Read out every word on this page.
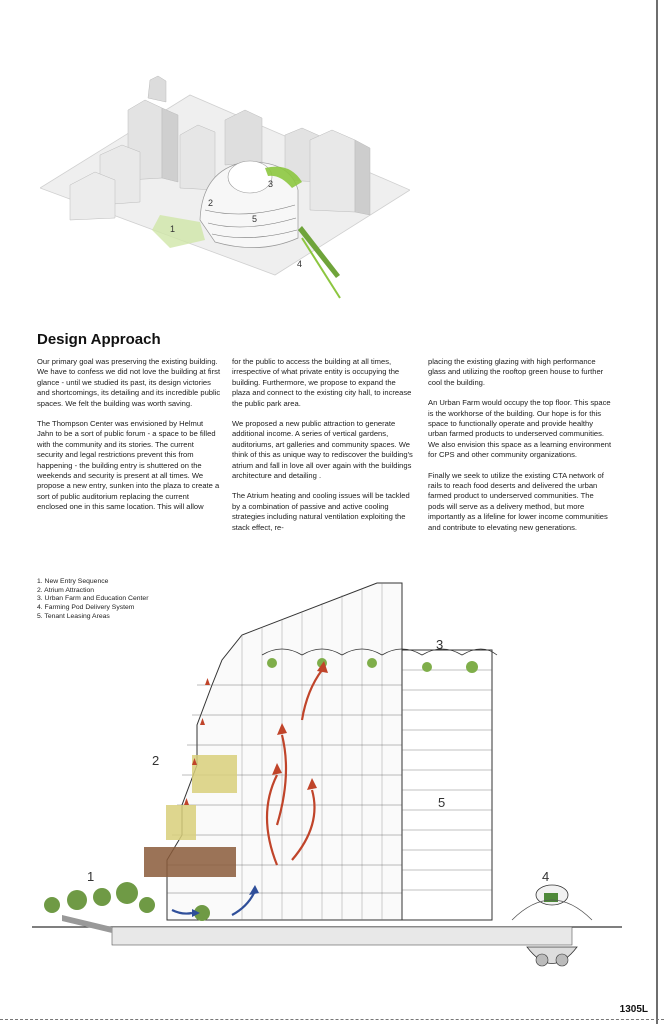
1
2
3
4
5
Design Approach

Our primary goal was preserving the existing building. We have to confess we did not love the building at first glance - until we studied its past, its design victories and shortcomings, its detailing and its incredible public spaces. We felt the building was worth saving.

The Thompson Center was envisioned by Helmut Jahn to be a sort of public forum - a space to be filled with the community and its stories. The current security and legal restrictions prevent this from happening - the building entry is shuttered on the weekends and security is present at all times. We propose a new entry, sunken into the plaza to create a sort of public auditorium replacing the current enclosed one in this same location. This will allow

for the public to access the building at all times, irrespective of what private entity is occupying the building. Furthermore, we propose to expand the plaza and connect to the existing city hall, to increase the public park area.

We proposed a new public attraction to generate additional income. A series of vertical gardens, auditoriums, art galleries and community spaces. We think of this as unique way to rediscover the building's atrium and fall in love all over again with the buildings architecture and detailing .

The Atrium heating and cooling issues will be tackled by a combination of passive and active cooling strategies including natural ventilation exploiting the stack effect, re-

placing the existing glazing with high performance glass and utilizing the rooftop green house to further cool the building.

An Urban Farm would occupy the top floor. This space is the workhorse of the building. Our hope is for this space to functionally operate and provide healthy urban farmed products to underserved communities. We also envision this space as a learning environment for CPS and other community organizations.

Finally we seek to utilize the existing CTA network of rails to reach food deserts and delivered the urban farmed product to underserved communities. The pods will serve as a delivery method, but more importantly as a lifeline for lower income communities and contribute to elevating new generations.

1
2
3
4
5
1. New Entry Sequence
2. Atrium Attraction
3. Urban Farm and Education Center
4. Farming Pod Delivery System
5. Tenant Leasing Areas
1305L
